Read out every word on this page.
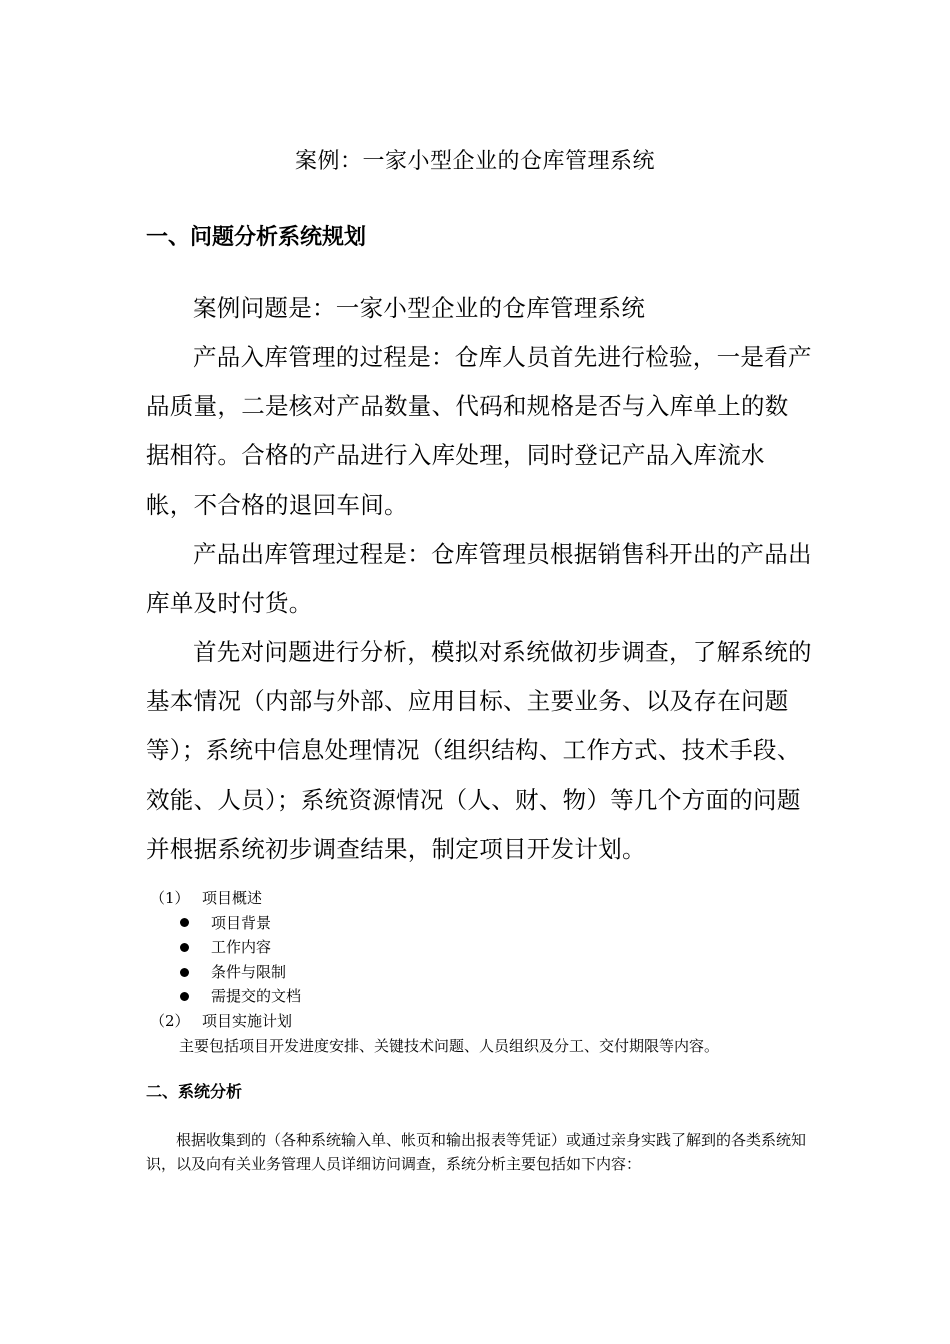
案例：一家小型企业的仓库管理系统
一、问题分析系统规划

案例问题是：一家小型企业的仓库管理系统

产品入库管理的过程是：仓库人员首先进行检验，一是看产品质量，二是核对产品数量、代码和规格是否与入库单上的数据相符。合格的产品进行入库处理，同时登记产品入库流水帐，不合格的退回车间。

产品出库管理过程是：仓库管理员根据销售科开出的产品出库单及时付货。

首先对问题进行分析，模拟对系统做初步调查，了解系统的基本情况（内部与外部、应用目标、主要业务、以及存在问题等）；系统中信息处理情况（组织结构、工作方式、技术手段、效能、人员）；系统资源情况（人、财、物）等几个方面的问题并根据系统初步调查结果，制定项目开发计划。

（1） 项目概述
项目背景
工作内容
条件与限制
需提交的文档
（2） 项目实施计划
主要包括项目开发进度安排、关键技术问题、人员组织及分工、交付期限等内容。
二、系统分析

根据收集到的（各种系统输入单、帐页和输出报表等凭证）或通过亲身实践了解到的各类系统知识，以及向有关业务管理人员详细访问调查，系统分析主要包括如下内容：
